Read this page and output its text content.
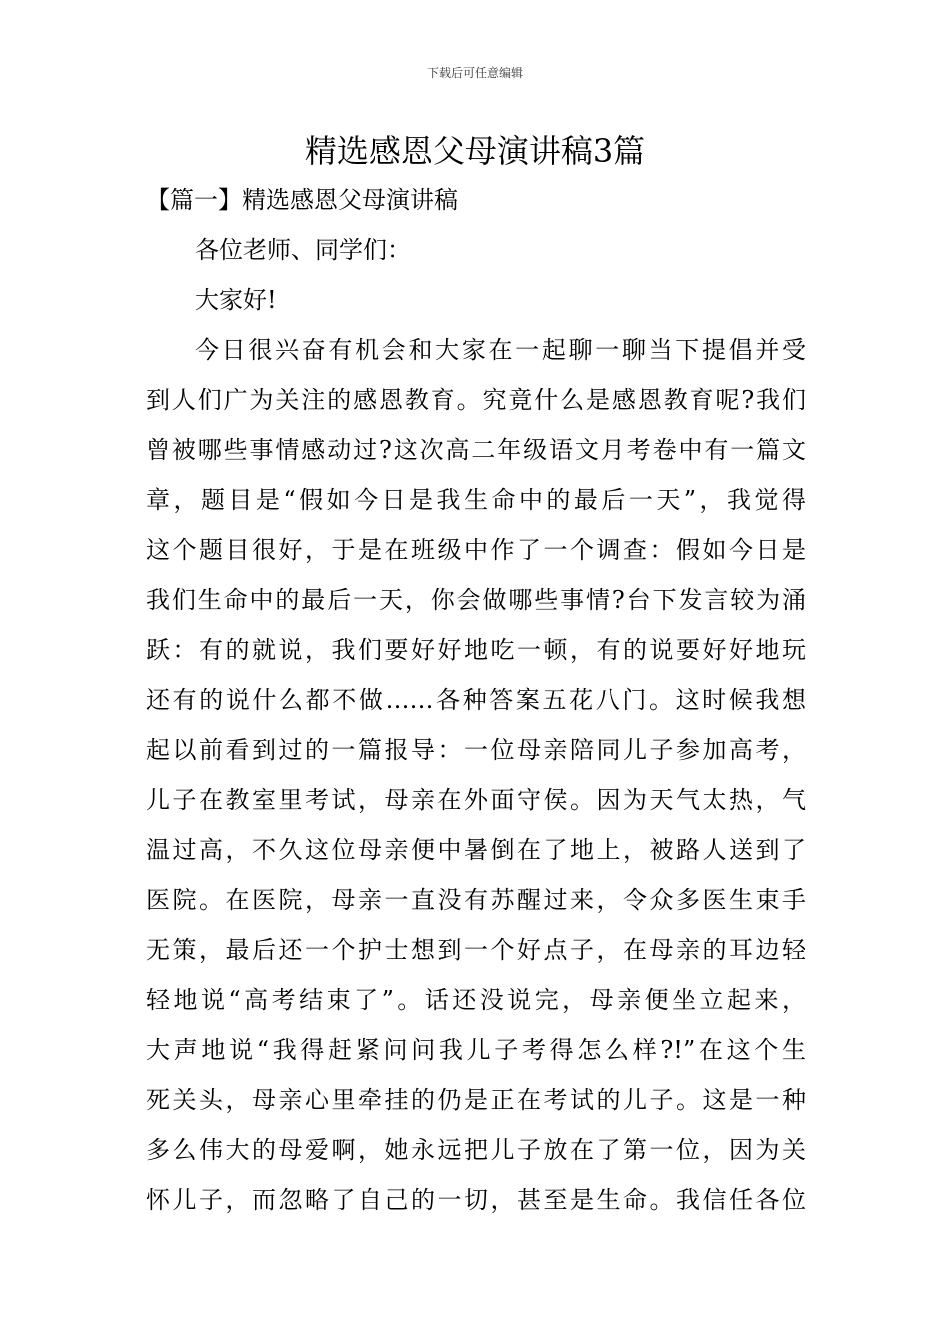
下载后可任意编辑
精选感恩父母演讲稿3篇
【篇一】精选感恩父母演讲稿
各位老师、同学们：
大家好!
今日很兴奋有机会和大家在一起聊一聊当下提倡并受
到人们广为关注的感恩教育。究竟什么是感恩教育呢?我们
曾被哪些事情感动过?这次高二年级语文月考卷中有一篇文
章，题目是“假如今日是我生命中的最后一天”，我觉得
这个题目很好，于是在班级中作了一个调查：假如今日是
我们生命中的最后一天，你会做哪些事情?台下发言较为涌
跃：有的就说，我们要好好地吃一顿，有的说要好好地玩
还有的说什么都不做……各种答案五花八门。这时候我想
起以前看到过的一篇报导：一位母亲陪同儿子参加高考，
儿子在教室里考试，母亲在外面守侯。因为天气太热，气
温过高，不久这位母亲便中暑倒在了地上，被路人送到了
医院。在医院，母亲一直没有苏醒过来，令众多医生束手
无策，最后还一个护士想到一个好点子，在母亲的耳边轻
轻地说“高考结束了”。话还没说完，母亲便坐立起来，
大声地说“我得赶紧问问我儿子考得怎么样?!”在这个生
死关头，母亲心里牵挂的仍是正在考试的儿子。这是一种
多么伟大的母爱啊，她永远把儿子放在了第一位，因为关
怀儿子，而忽略了自己的一切，甚至是生命。我信任各位
